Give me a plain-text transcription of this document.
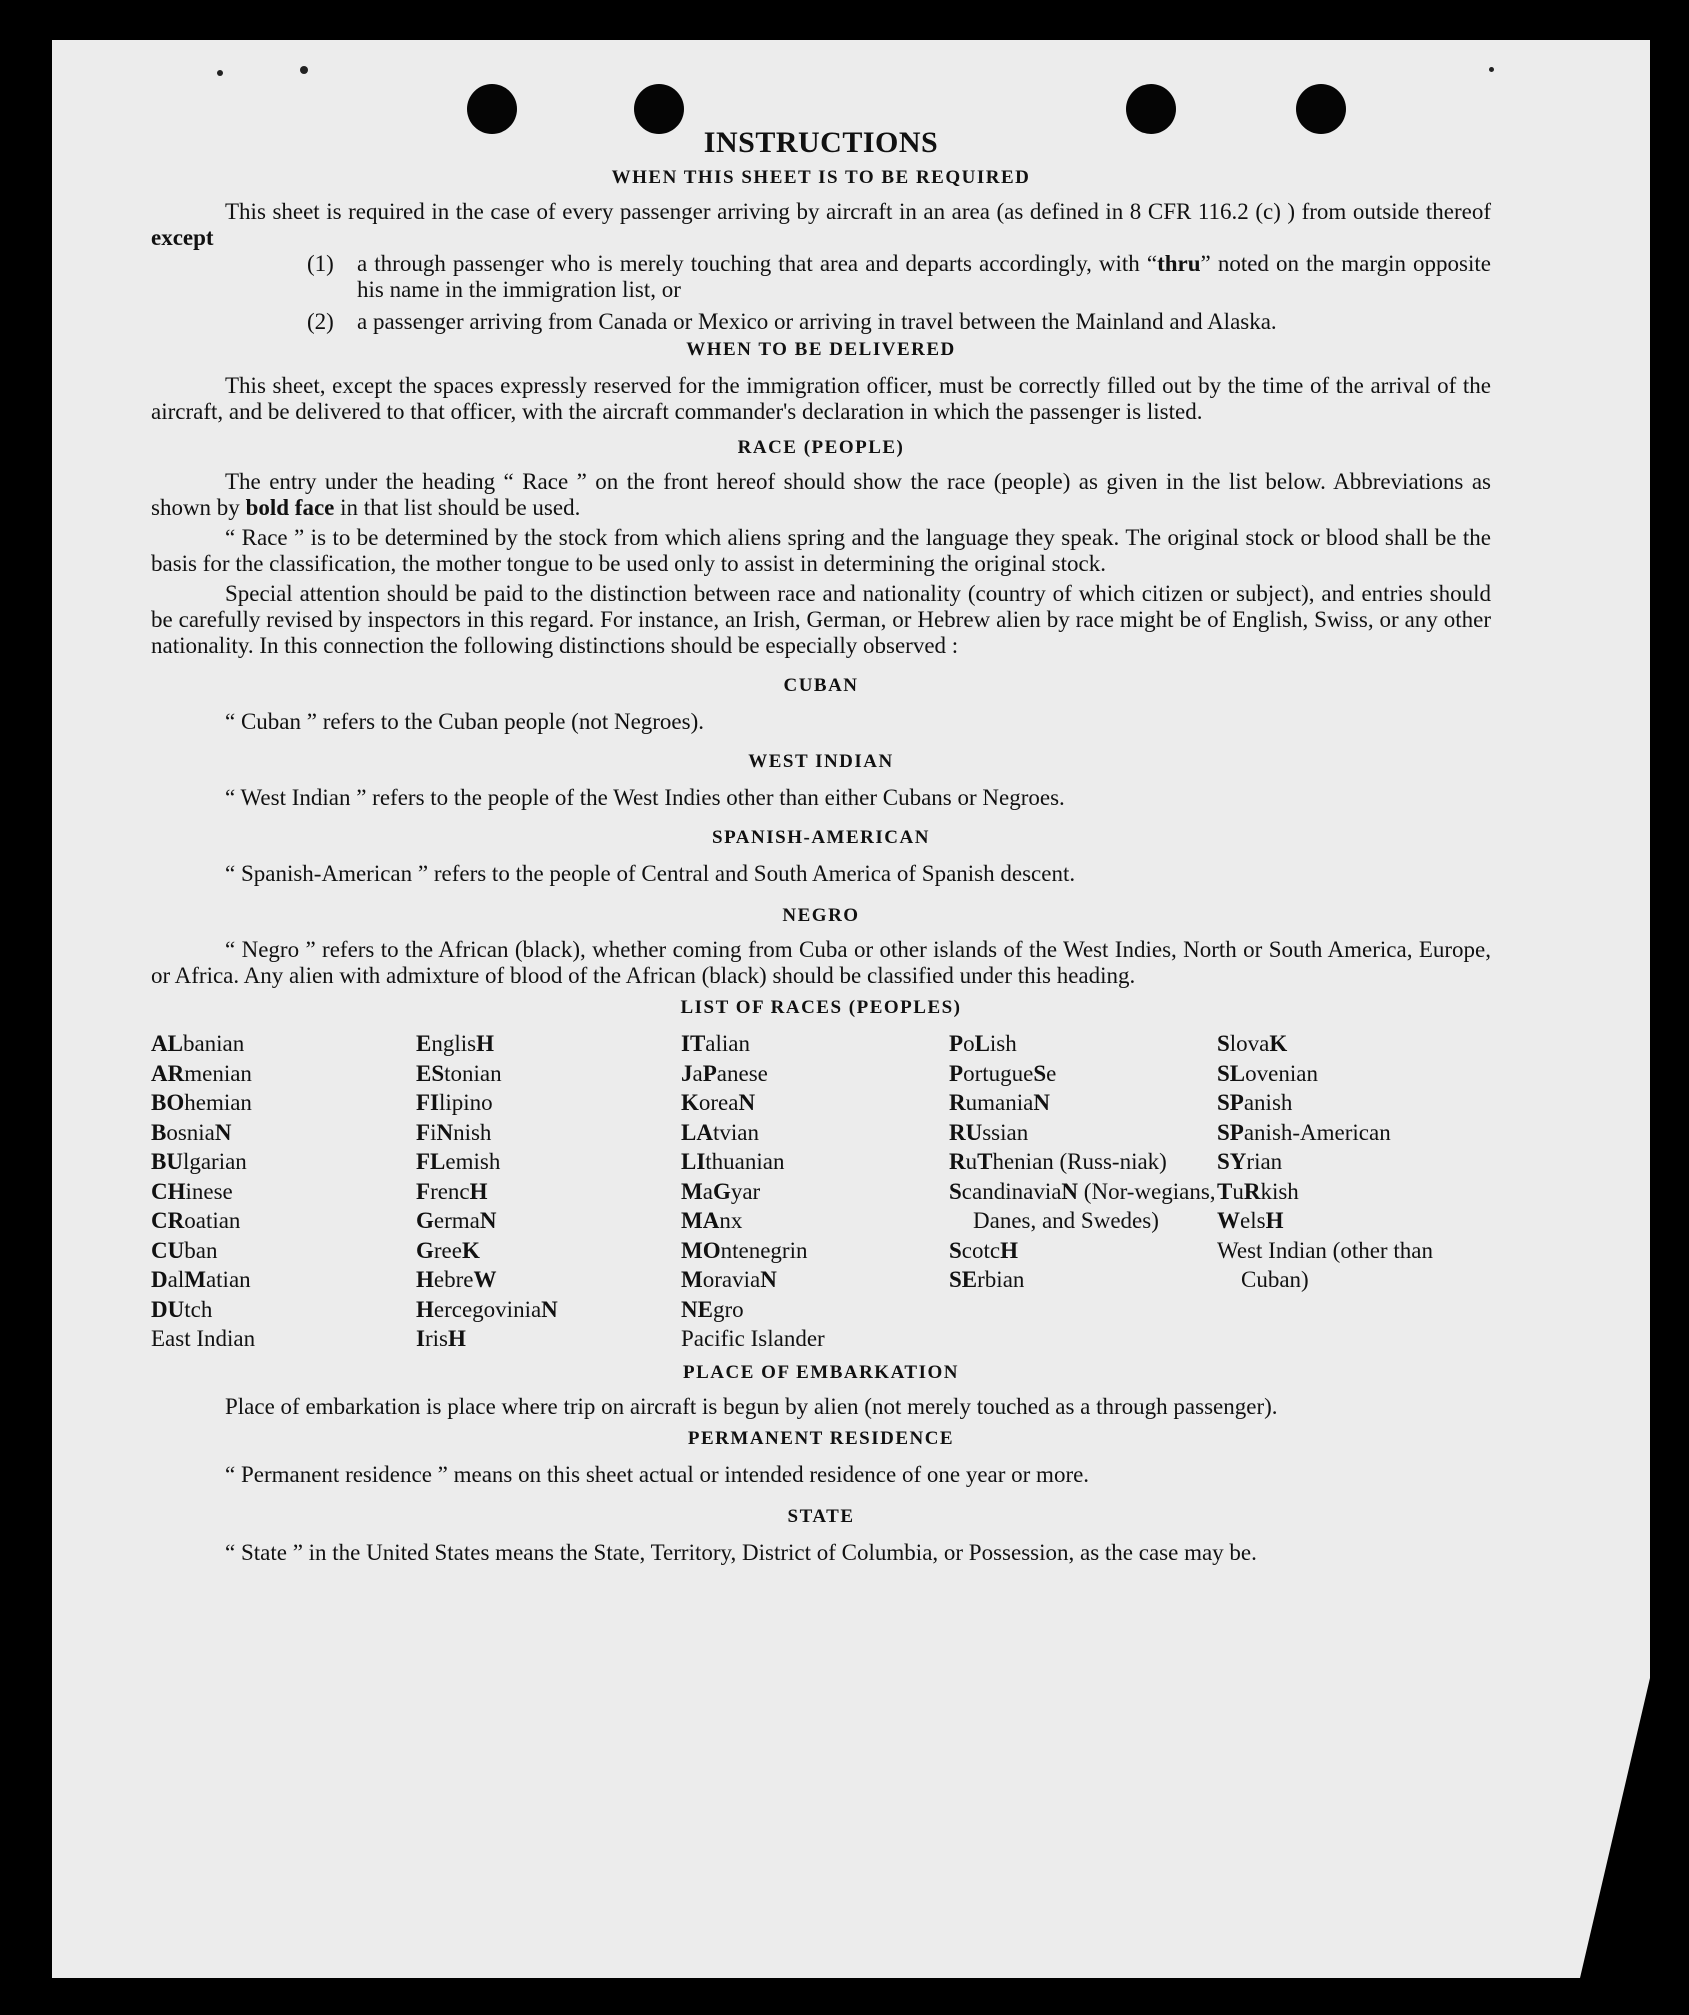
INSTRUCTIONS
WHEN THIS SHEET IS TO BE REQUIRED

This sheet is required in the case of every passenger arriving by aircraft in an area (as defined in 8 CFR 116.2 (c) ) from outside thereof except

(1)	a through passenger who is merely touching that area and departs accordingly, with “thru” noted on the margin opposite his name in the immigration list, or
(2)	a passenger arriving from Canada or Mexico or arriving in travel between the Mainland and Alaska.
WHEN TO BE DELIVERED

This sheet, except the spaces expressly reserved for the immigration officer, must be correctly filled out by the time of the arrival of the aircraft, and be delivered to that officer, with the aircraft commander's declaration in which the passenger is listed.

RACE (PEOPLE)

The entry under the heading “ Race ” on the front hereof should show the race (people) as given in the list below. Abbreviations as shown by bold face in that list should be used.

“ Race ” is to be determined by the stock from which aliens spring and the language they speak. The original stock or blood shall be the basis for the classification, the mother tongue to be used only to assist in determining the original stock.

Special attention should be paid to the distinction between race and nationality (country of which citizen or subject), and entries should be carefully revised by inspectors in this regard. For instance, an Irish, German, or Hebrew alien by race might be of English, Swiss, or any other nationality. In this connection the following distinctions should be especially observed :

CUBAN

“ Cuban ” refers to the Cuban people (not Negroes).

WEST INDIAN

“ West Indian ” refers to the people of the West Indies other than either Cubans or Negroes.

SPANISH-AMERICAN

“ Spanish-American ” refers to the people of Central and South America of Spanish descent.

NEGRO

“ Negro ” refers to the African (black), whether coming from Cuba or other islands of the West Indies, North or South America, Europe, or Africa. Any alien with admixture of blood of the African (black) should be classified under this heading.

LIST OF RACES (PEOPLES)
ALbanian
ARmenian
BOhemian
BosniaN
BUlgarian
CHinese
CRoatian
CUban
DalMatian
DUtch
East Indian
EnglisH
EStonian
FIlipino
FiNnish
FLemish
FrencH
GermaN
GreeK
HebreW
HercegoviniaN
IrisH
ITalian
JaPanese
KoreaN
LAtvian
LIthuanian
MaGyar
MAnx
MOntenegrin
MoraviaN
NEgro
Pacific Islander
PoLish
PortugueSe
RumaniaN
RUssian
RuThenian (Russ-niak)
ScandinaviaN (Nor-wegians, Danes, and Swedes)
ScotcH
SErbian
SlovaK
SLovenian
SPanish
SPanish-American
SYrian
TuRkish
WelsH
West Indian (other than Cuban)
PLACE OF EMBARKATION

Place of embarkation is place where trip on aircraft is begun by alien (not merely touched as a through passenger).

PERMANENT RESIDENCE

“ Permanent residence ” means on this sheet actual or intended residence of one year or more.

STATE

“ State ” in the United States means the State, Territory, District of Columbia, or Possession, as the case may be.
